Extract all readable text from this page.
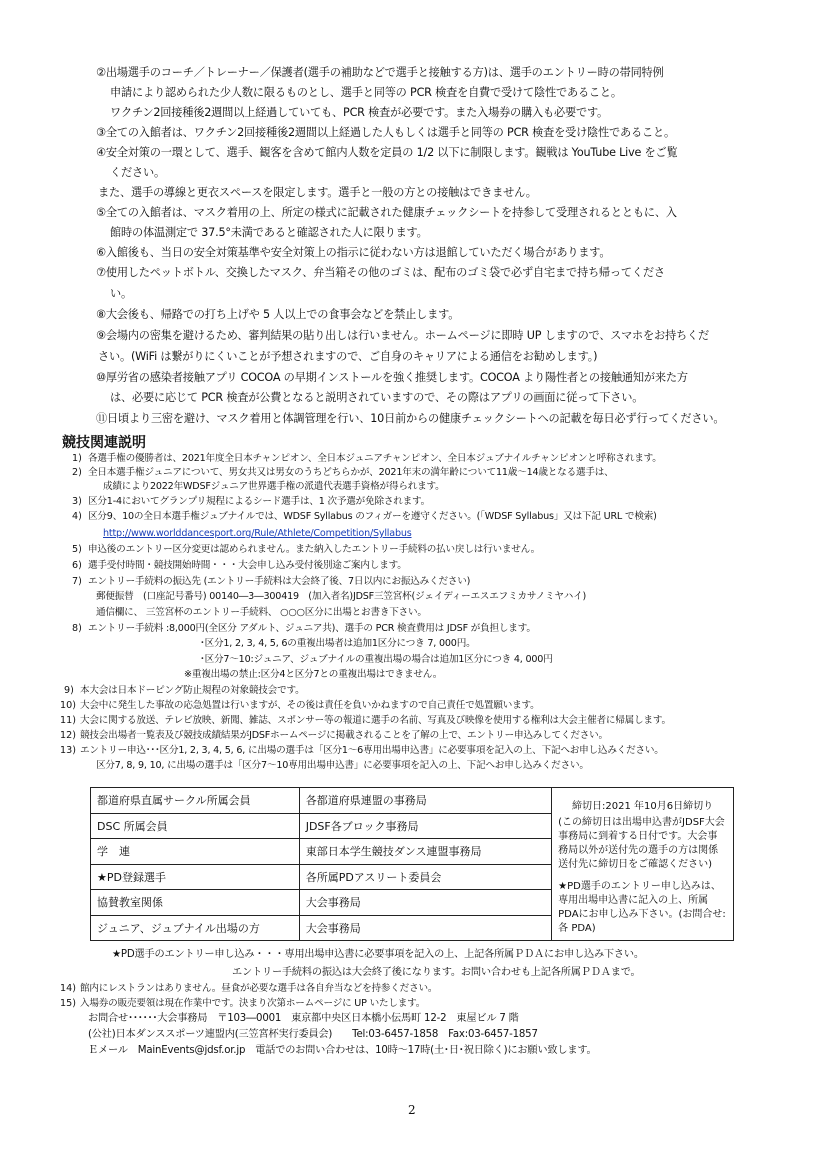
②出場選手のコーチ／トレーナー／保護者(選手の補助などで選手と接触する方)は、選手のエントリー時の帯同特例
申請により認められた少人数に限るものとし、選手と同等の PCR 検査を自費で受けて陰性であること。
ワクチン2回接種後2週間以上経過していても、PCR 検査が必要です。また入場券の購入も必要です。
③全ての入館者は、ワクチン2回接種後2週間以上経過した人もしくは選手と同等の PCR 検査を受け陰性であること。
④安全対策の一環として、選手、観客を含めて館内人数を定員の 1/2 以下に制限します。観戦は YouTube Live をご覧
ください。
また、選手の導線と更衣スペースを限定します。選手と一般の方との接触はできません。
⑤全ての入館者は、マスク着用の上、所定の様式に記載された健康チェックシートを持参して受理されるとともに、入
館時の体温測定で 37.5°未満であると確認された人に限ります。
⑥入館後も、当日の安全対策基準や安全対策上の指示に従わない方は退館していただく場合があります。
⑦使用したペットボトル、交換したマスク、弁当箱その他のゴミは、配布のゴミ袋で必ず自宅まで持ち帰ってくださ
い。
⑧大会後も、帰路での打ち上げや 5 人以上での食事会などを禁止します。
⑨会場内の密集を避けるため、審判結果の貼り出しは行いません。ホームページに即時 UP しますので、スマホをお持ちくだ
さい。(WiFi は繋がりにくいことが予想されますので、ご自身のキャリアによる通信をお勧めします。)
⑩厚労省の感染者接触アプリ COCOA の早期インストールを強く推奨します。COCOA より陽性者との接触通知が来た方
は、必要に応じて PCR 検査が公費となると説明されていますので、その際はアプリの画面に従って下さい。
⑪日頃より三密を避け、マスク着用と体調管理を行い、10日前からの健康チェックシートへの記載を毎日必ず行ってください。
競技関連説明
1) 各選手権の優勝者は、2021年度全日本チャンピオン、全日本ジュニアチャンピオン、全日本ジュブナイルチャンピオンと呼称されます。
2) 全日本選手権ジュニアについて、男女共又は男女のうちどちらかが、2021年末の満年齢について11歳～14歳となる選手は、
成績により2022年WDSFジュニア世界選手権の派遣代表選手資格が得られます。
3) 区分1-4においてグランプリ規程によるシード選手は、1 次予選が免除されます。
4) 区分9、10の全日本選手権ジュブナイルでは、WDSF Syllabus のフィガーを遵守ください。(「WDSF Syllabus」又は下記 URL で検索)
http://www.worlddancesport.org/Rule/Athlete/Competition/Syllabus
5) 申込後のエントリー区分変更は認められません。また納入したエントリー手続料の払い戻しは行いません。
6) 選手受付時間・競技開始時間・・・大会申し込み受付後別途ご案内します。
7) エントリー手続料の振込先 (エントリー手続料は大会終了後、7日以内にお振込みください)
郵便振替　(口座記号番号) 00140―3―300419　(加入者名)JDSF三笠宮杯(ジェイディーエスエフミカサノミヤハイ)
通信欄に、 三笠宮杯のエントリー手続料、 ○○○区分に出場とお書き下さい。
8) エントリー手続料 :8,000円(全区分 アダルト、ジュニア共)、選手の PCR 検査費用は JDSF が負担します。
･区分1, 2, 3, 4, 5, 6の重複出場者は追加1区分につき 7, 000円。
･区分7～10:ジュニア、ジュブナイルの重複出場の場合は追加1区分につき 4, 000円
※重複出場の禁止:区分4と区分7との重複出場はできません。
9) 本大会は日本ドーピング防止規程の対象競技会です。
10) 大会中に発生した事故の応急処置は行いますが、その後は責任を負いかねますので自己責任で処置願います。
11) 大会に関する放送、テレビ放映、新聞、雑誌、スポンサー等の報道に選手の名前、写真及び映像を使用する権利は大会主催者に帰属します。
12) 競技会出場者一覧表及び競技成績結果がJDSFホームページに掲載されることを了解の上で、エントリー申込みしてください。
13) エントリー申込･･･区分1, 2, 3, 4, 5, 6, に出場の選手は「区分1～6専用出場申込書」に必要事項を記入の上、下記へお申し込みください。
区分7, 8, 9, 10, に出場の選手は「区分7～10専用出場申込書」に必要事項を記入の上、下記へお申し込みください。
都道府県直属サークル所属会員	各都道府県連盟の事務局	締切日:2021 年10月6日締切り
(この締切日は出場申込書がJDSF大会事務局に到着する日付です。大会事務局以外が送付先の選手の方は関係送付先に締切日をご確認ください)
★PD選手のエントリー申し込みは、専用出場申込書に記入の上、所属PDAにお申し込み下さい。(お問合せ:各 PDA)

DSC 所属会員	JDSF各ブロック事務局	
学　連	東部日本学生競技ダンス連盟事務局	
★PD登録選手	各所属PDアスリート委員会	
協賛教室関係	大会事務局	
ジュニア、ジュブナイル出場の方	大会事務局	
★PD選手のエントリー申し込み・・・専用出場申込書に必要事項を記入の上、上記各所属ＰＤＡにお申し込み下さい。
エントリー手続料の振込は大会終了後になります。お問い合わせも上記各所属ＰＤＡまで。
14) 館内にレストランはありません。昼食が必要な選手は各自弁当などを持参ください。
15) 入場券の販売要領は現在作業中です。決まり次第ホームページに UP いたします。
お問合せ･･････大会事務局　〒103―0001　東京都中央区日本橋小伝馬町 12-2　東屋ビル 7 階
(公社)日本ダンススポーツ連盟内(三笠宮杯実行委員会)　　Tel:03-6457-1858　Fax:03-6457-1857
Ｅメール　MainEvents@jdsf.or.jp　電話でのお問い合わせは、10時～17時(土･日･祝日除く)にお願い致します。
2
